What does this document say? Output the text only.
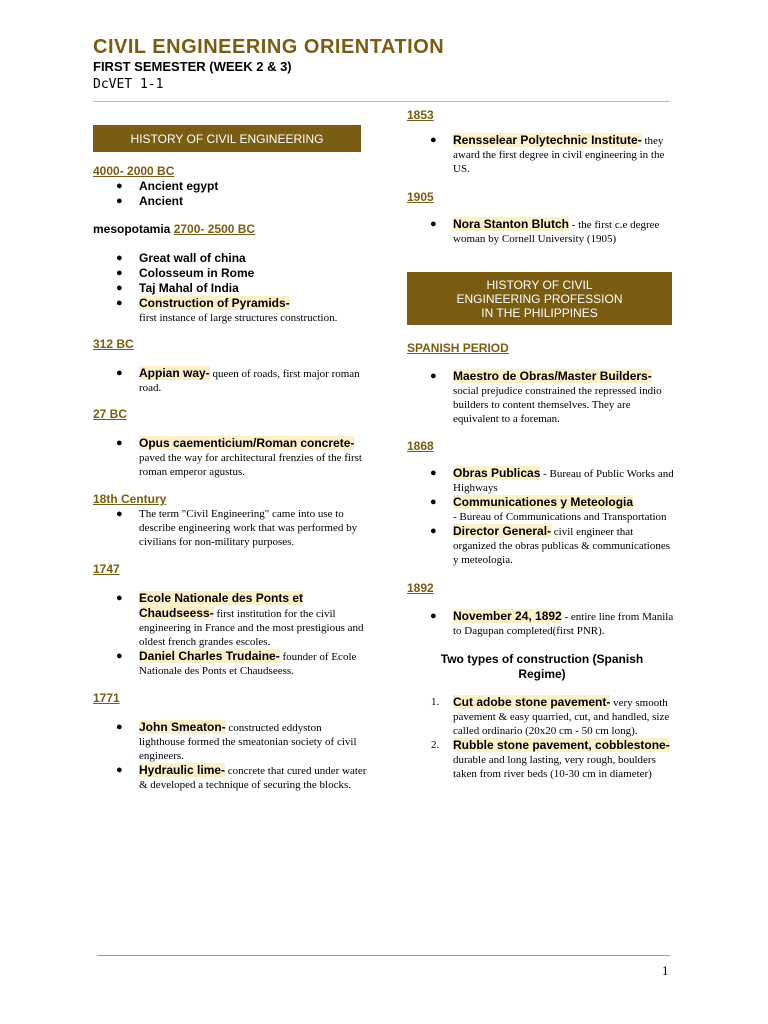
CIVIL ENGINEERING ORIENTATION
FIRST SEMESTER (WEEK 2 & 3)
DcVET 1-1
HISTORY OF CIVIL ENGINEERING

4000- 2000 BC

● Ancient egypt
● Ancient

mesopotamia 2700- 2500 BC

● Great wall of china
● Colosseum in Rome
● Taj Mahal of India
● Construction of Pyramids-
first instance of large structures construction.

312 BC

● Appian way- queen of roads, first major roman road.

27 BC

● Opus caementicium/Roman concrete- paved the way for architectural frenzies of the first roman emperor agustus.

18th Century

● The term "Civil Engineering" came into use to describe engineering work that was performed by civilians for non-military purposes.

1747

● Ecole Nationale des Ponts et Chaudseess- first institution for the civil engineering in France and the most prestigious and oldest french grandes escoles.
● Daniel Charles Trudaine- founder of Ecole Nationale des Ponts et Chaudseess.

1771

● John Smeaton- constructed eddyston lighthouse formed the smeatonian society of civil engineers.
● Hydraulic lime- concrete that cured under water & developed a technique of securing the blocks.

1853

● Rensselear Polytechnic Institute- they award the first degree in civil engineering in the US.

1905

● Nora Stanton Blutch - the first c.e degree woman by Cornell University (1905)
HISTORY OF CIVIL
ENGINEERING PROFESSION
IN THE PHILIPPINES

SPANISH PERIOD

● Maestro de Obras/Master Builders- social prejudice constrained the repressed indio builders to content themselves. They are equivalent to a foreman.

1868

● Obras Publicas - Bureau of Public Works and Highways
● Communicationes y Meteologia
- Bureau of Communications and Transportation
● Director General- civil engineer that organized the obras publicas & communicationes y meteologia.

1892

● November 24, 1892 - entire line from Manila to Dagupan completed(first PNR).
Two types of construction (Spanish
Regime)
1. Cut adobe stone pavement- very smooth pavement & easy quarried, cut, and handled, size called ordinario (20x20 cm - 50 cm long).
2. Rubble stone pavement, cobblestone- durable and long lasting, very rough, boulders taken from river beds (10-30 cm in diameter)
1
